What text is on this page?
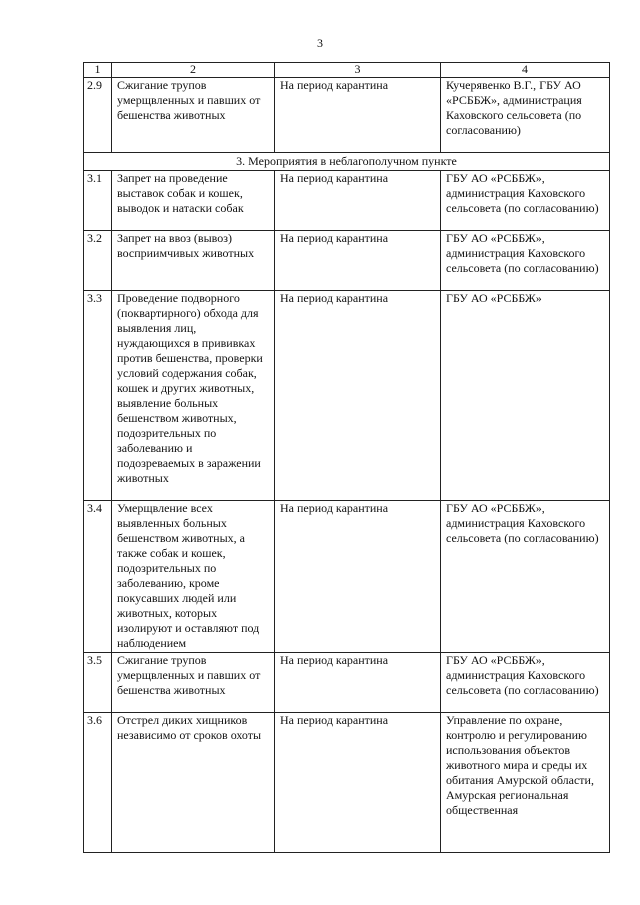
3
1	2	3	4
2.9	Сжигание трупов умерщвленных и павших от бешенства животных	На период карантина	Кучерявенко В.Г., ГБУ АО «РСББЖ», администрация Каховского сельсовета (по согласованию)
3. Мероприятия в неблагополучном пункте			
3.1	Запрет на проведение выставок собак и кошек, выводок и натаски собак	На период карантина	ГБУ АО «РСББЖ», администрация Каховского сельсовета (по согласованию)
3.2	Запрет на ввоз (вывоз) восприимчивых животных	На период карантина	ГБУ АО «РСББЖ», администрация Каховского сельсовета (по согласованию)
3.3	Проведение подворного (поквартирного) обхода для выявления лиц, нуждающихся в прививках против бешенства, проверки условий содержания собак, кошек и других животных, выявление больных бешенством животных, подозрительных по заболеванию и подозреваемых в заражении животных	На период карантина	ГБУ АО «РСББЖ»
3.4	Умерщвление всех выявленных больных бешенством животных, а также собак и кошек, подозрительных по заболеванию, кроме покусавших людей или животных, которых изолируют и оставляют под наблюдением	На период карантина	ГБУ АО «РСББЖ», администрация Каховского сельсовета (по согласованию)
3.5	Сжигание трупов умерщвленных и павших от бешенства животных	На период карантина	ГБУ АО «РСББЖ», администрация Каховского сельсовета (по согласованию)
3.6	Отстрел диких хищников независимо от сроков охоты	На период карантина	Управление по охране, контролю и регулированию использования объектов животного мира и среды их обитания Амурской области, Амурская региональная общественная
